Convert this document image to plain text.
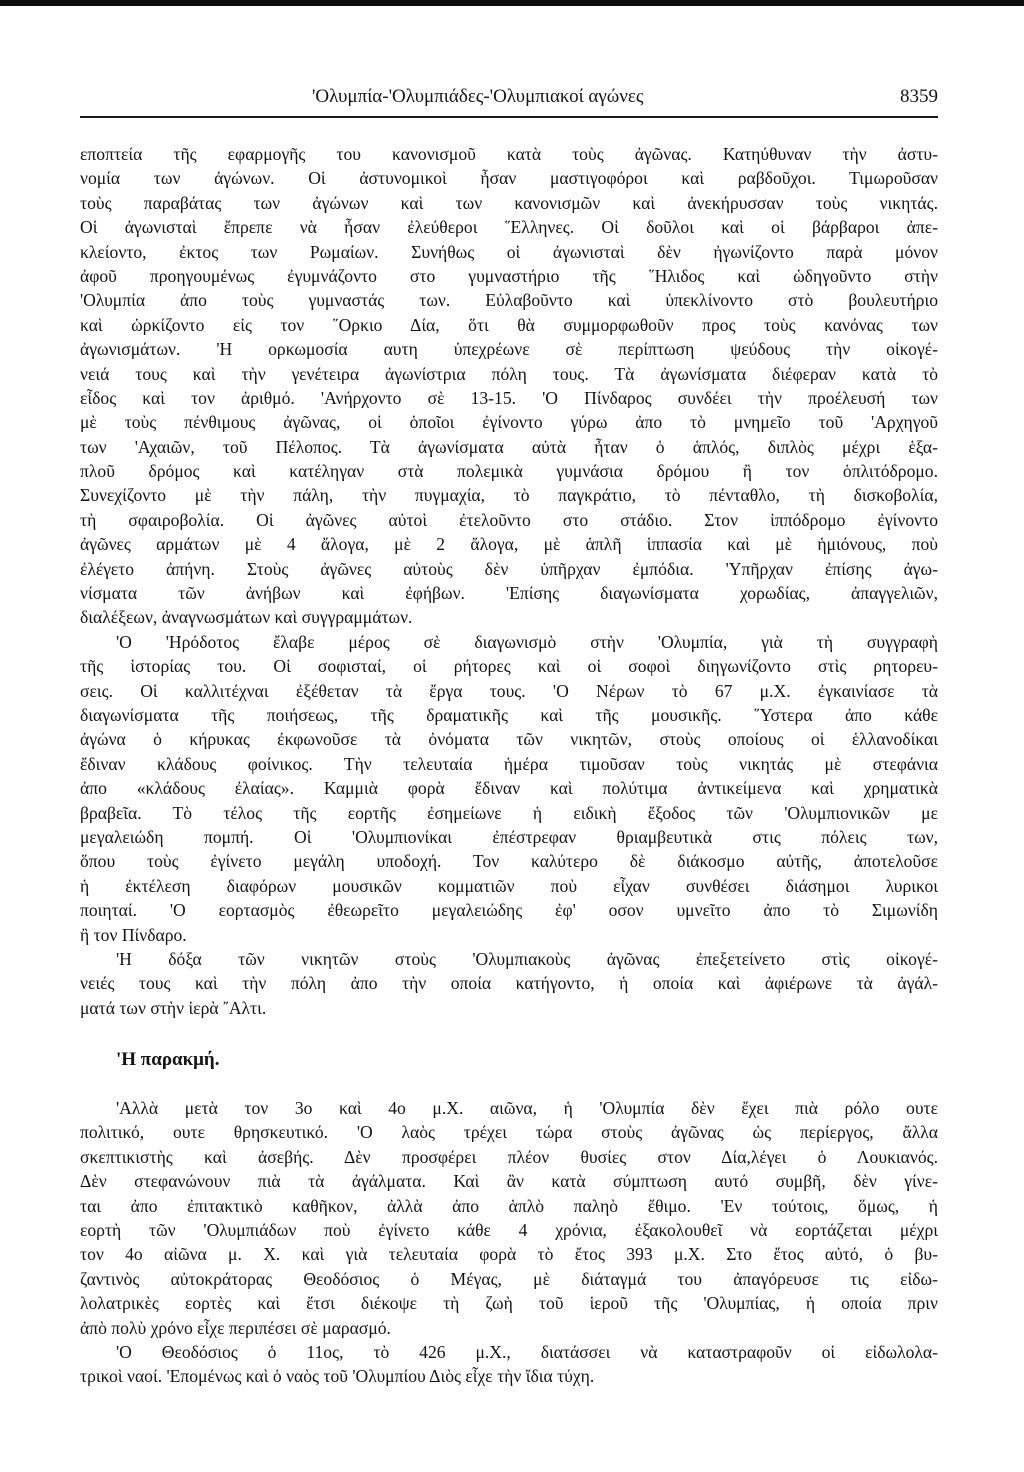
'Ολυμπία-'Ολυμπιάδες-'Ολυμπιακοί αγώνες	8359
εποπτεία τῆς εφαρμογῆς του κανονισμοῦ κατὰ τοὺς ἀγῶνας. Κατηύθυναν τὴν ἀστυ-
νομία των ἀγώνων. Οἱ ἀστυνομικοὶ ἦσαν μαστιγοφόροι καὶ ραβδοῦχοι. Τιμωροῦσαν
τοὺς παραβάτας των ἀγώνων καὶ των κανονισμῶν καὶ ἀνεκήρυσσαν τοὺς νικητάς.
Οἱ ἀγωνισταὶ ἔπρεπε νὰ ἦσαν ἐλεύθεροι ῞Ελληνες. Οἱ δοῦλοι καὶ οἱ βάρβαροι ἀπε-
κλείοντο, ἐκτος των Ρωμαίων. Συνήθως οἱ ἀγωνισταὶ δὲν ἠγωνίζοντο παρὰ μόνον
ἀφοῦ προηγουμένως ἐγυμνάζοντο στο γυμναστήριο τῆς ῞Ηλιδος καὶ ὡδηγοῦντο στὴν
'Ολυμπία ἀπο τοὺς γυμναστάς των. Εὐλαβοῦντο καὶ ὑπεκλίνοντο στὸ βουλευτήριο
καὶ ὡρκίζοντο εἰς τον ῞Ορκιο Δία, ὅτι θὰ συμμορφωθοῦν προς τοὺς κανόνας των
ἀγωνισμάτων. 'Η ορκωμοσία αυτη ὑπεχρέωνε σὲ περίπτωση ψεύδους τὴν οἰκογέ-
νειά τους καὶ τὴν γενέτειρα ἀγωνίστρια πόλη τους. Τὰ ἀγωνίσματα διέφεραν κατὰ τὸ
εἶδος καὶ τον ἀριθμό. 'Ανήρχοντο σὲ 13-15. 'Ο Πίνδαρος συνδέει τὴν προέλευσή των
μὲ τοὺς πένθιμους ἀγῶνας, οἱ ὁποῖοι ἐγίνοντο γύρω ἀπο τὸ μνημεῖο τοῦ 'Αρχηγοῦ
των 'Αχαιῶν, τοῦ Πέλοπος. Τὰ ἀγωνίσματα αὐτὰ ἦταν ὁ ἁπλός, διπλὸς μέχρι ἑξα-
πλοῦ δρόμος καὶ κατέληγαν στὰ πολεμικὰ γυμνάσια δρόμου ἢ τον ὁπλιτόδρομο.
Συνεχίζοντο μὲ τὴν πάλη, τὴν πυγμαχία, τὸ παγκράτιο, τὸ πένταθλο, τὴ δισκοβολία,
τὴ σφαιροβολία. Οἱ ἀγῶνες αὐτοὶ ἐτελοῦντο στο στάδιο. Στον ἱππόδρομο ἐγίνοντο
ἀγῶνες αρμάτων μὲ 4 ἄλογα, μὲ 2 ἄλογα, μὲ ἁπλῆ ἱππασία καὶ μὲ ἡμιόνους, ποὺ
ἐλέγετο ἀπήνη. Στοὺς ἀγῶνες αὐτοὺς δὲν ὑπῆρχαν ἐμπόδια. 'Υπῆρχαν ἐπίσης ἀγω-
νίσματα τῶν ἀνήβων καὶ ἐφήβων. 'Επίσης διαγωνίσματα χορωδίας, ἀπαγγελιῶν,
διαλέξεων, ἀναγνωσμάτων καὶ συγγραμμάτων.
'Ο 'Ηρόδοτος ἔλαβε μέρος σὲ διαγωνισμὸ στὴν 'Ολυμπία, γιὰ τὴ συγγραφὴ
τῆς ἱστορίας του. Οἱ σοφισταί, οἱ ρήτορες καὶ οἱ σοφοὶ διηγωνίζοντο στὶς ρητορευ-
σεις. Οἱ καλλιτέχναι ἐξέθεταν τὰ ἔργα τους. 'Ο Νέρων τὸ 67 μ.Χ. ἐγκαινίασε τὰ
διαγωνίσματα τῆς ποιήσεως, τῆς δραματικῆς καὶ τῆς μουσικῆς. ῞Υστερα ἀπο κάθε
ἀγώνα ὁ κήρυκας ἐκφωνοῦσε τὰ ὀνόματα τῶν νικητῶν, στοὺς οποίους οἱ ἑλλανοδίκαι
ἔδιναν κλάδους φοίνικος. Τὴν τελευταία ἡμέρα τιμοῦσαν τοὺς νικητάς μὲ στεφάνια
ἀπο «κλάδους ἐλαίας». Καμμιὰ φορὰ ἔδιναν καὶ πολύτιμα ἀντικείμενα καὶ χρηματικὰ
βραβεῖα. Τὸ τέλος τῆς εορτῆς ἐσημείωνε ἡ ειδικὴ ἔξοδος τῶν 'Ολυμπιονικῶν με
μεγαλειώδη πομπή. Οἱ 'Ολυμπιονίκαι ἐπέστρεφαν θριαμβευτικὰ στις πόλεις των,
ὅπου τοὺς ἐγίνετο μεγάλη υποδοχή. Τον καλύτερο δὲ διάκοσμο αὐτῆς, ἀποτελοῦσε
ἡ ἐκτέλεση διαφόρων μουσικῶν κομματιῶν ποὺ εἶχαν συνθέσει διάσημοι λυρικοι
ποιηταί. 'Ο εορτασμὸς ἐθεωρεῖτο μεγαλειώδης ἐφ' οσον υμνεῖτο ἀπο τὸ Σιμωνίδη
ἢ τον Πίνδαρο.
'Η δόξα τῶν νικητῶν στοὺς 'Ολυμπιακοὺς ἀγῶνας ἐπεξετείνετο στὶς οἰκογέ-
νειές τους καὶ τὴν πόλη ἀπο τὴν οποία κατήγοντο, ἡ οποία καὶ ἀφιέρωνε τὰ ἀγάλ-
ματά των στὴν ἱερὰ ῎Αλτι.
'Η παρακμή.
'Αλλὰ μετὰ τον 3ο καὶ 4ο μ.Χ. αιῶνα, ἡ 'Ολυμπία δὲν ἔχει πιὰ ρόλο ουτε
πολιτικό, ουτε θρησκευτικό. 'Ο λαὸς τρέχει τώρα στοὺς ἀγῶνας ὡς περίεργος, ἄλλα
σκεπτικιστὴς καὶ ἀσεβής. Δὲν προσφέρει πλέον θυσίες στον Δία,λέγει ὁ Λουκιανός.
Δὲν στεφανώνουν πιὰ τὰ ἀγάλματα. Καὶ ἂν κατὰ σύμπτωση αυτό συμβῆ, δὲν γίνε-
ται ἀπο ἐπιτακτικὸ καθῆκον, ἀλλὰ ἀπο ἁπλὸ παληὸ ἔθιμο. 'Εν τούτοις, ὅμως, ἡ
εορτὴ τῶν 'Ολυμπιάδων ποὺ ἐγίνετο κάθε 4 χρόνια, ἐξακολουθεῖ νὰ εορτάζεται μέχρι
τον 4ο αἰῶνα μ. Χ. καὶ γιὰ τελευταία φορὰ τὸ ἔτος 393 μ.Χ. Στο ἔτος αὐτό, ὁ βυ-
ζαντινὸς αὐτοκράτορας Θεοδόσιος ὁ Μέγας, μὲ διάταγμά του ἀπαγόρευσε τις εἰδω-
λολατρικὲς εορτὲς καὶ ἔτσι διέκοψε τὴ ζωὴ τοῦ ἱεροῦ τῆς 'Ολυμπίας, ἡ οποία πριν
ἀπὸ πολὺ χρόνο εἶχε περιπέσει σὲ μαρασμό.
'Ο Θεοδόσιος ὁ 11ος, τὸ 426 μ.Χ., διατάσσει νὰ καταστραφοῦν οἱ εἰδωλολα-
τρικοὶ ναοί. 'Επομένως καὶ ὁ ναὸς τοῦ 'Ολυμπίου Διὸς εἶχε τὴν ἴδια τύχη.
